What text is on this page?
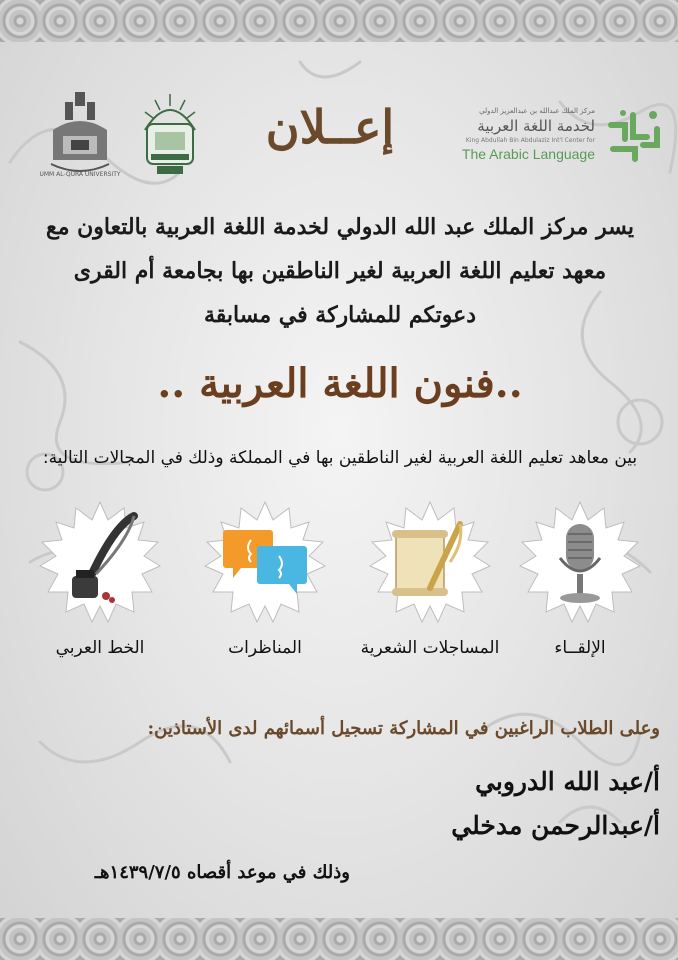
مركز الملك عبدالله بن عبدالعزيز الدولي
لخدمة اللغة العربية
King Abdullah Bin Abdulaziz Int'l Center for
The Arabic Language
إعــلان
UMM AL-QURA UNIVERSITY

يسر مركز الملك عبد الله الدولي لخدمة اللغة العربية بالتعاون مع

معهد تعليم اللغة العربية لغير الناطقين بها بجامعة أم القرى

دعوتكم للمشاركة في مسابقة

..فنون اللغة العربية ..
بين معاهد تعليم اللغة العربية لغير الناطقين بها في المملكة وذلك في المجالات التالية:
الإلقــاء
المساجلات الشعرية
المناظرات
الخط العربي
وعلى الطلاب الراغبين في المشاركة تسجيل أسمائهم لدى الأستاذين:
أ/عبد الله الدروبي
أ/عبدالرحمن مدخلي
وذلك في موعد أقصاه ١٤٣٩/٧/٥هـ
